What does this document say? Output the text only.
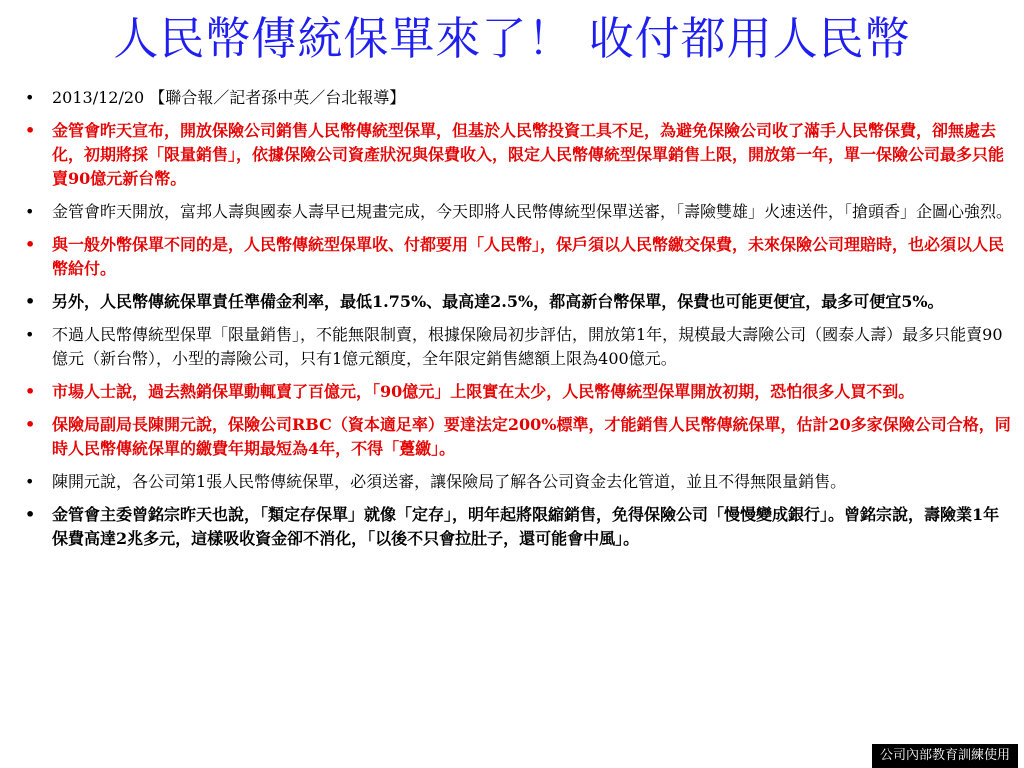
人民幣傳統保單來了！ 收付都用人民幣
• 2013/12/20 【聯合報／記者孫中英／台北報導】
• 金管會昨天宣布，開放保險公司銷售人民幣傳統型保單，但基於人民幣投資工具不足，為避免保險公司收了滿手人民幣保費，卻無處去化，初期將採「限量銷售」，依據保險公司資產狀況與保費收入，限定人民幣傳統型保單銷售上限，開放第一年，單一保險公司最多只能賣90億元新台幣。
• 金管會昨天開放，富邦人壽與國泰人壽早已規畫完成，今天即將人民幣傳統型保單送審，「壽險雙雄」火速送件，「搶頭香」企圖心強烈。
• 與一般外幣保單不同的是，人民幣傳統型保單收、付都要用「人民幣」，保戶須以人民幣繳交保費，未來保險公司理賠時，也必須以人民幣給付。
• 另外，人民幣傳統保單責任準備金利率，最低1.75%、最高達2.5%，都高新台幣保單，保費也可能更便宜，最多可便宜5%。
• 不過人民幣傳統型保單「限量銷售」，不能無限制賣，根據保險局初步評估，開放第1年，規模最大壽險公司（國泰人壽）最多只能賣90億元（新台幣），小型的壽險公司，只有1億元額度，全年限定銷售總額上限為400億元。
• 市場人士說，過去熱銷保單動輒賣了百億元，「90億元」上限實在太少，人民幣傳統型保單開放初期，恐怕很多人買不到。
• 保險局副局長陳開元說，保險公司RBC（資本適足率）要達法定200%標準，才能銷售人民幣傳統保單，估計20多家保險公司合格，同時人民幣傳統保單的繳費年期最短為4年，不得「躉繳」。
• 陳開元說，各公司第1張人民幣傳統保單，必須送審，讓保險局了解各公司資金去化管道，並且不得無限量銷售。
• 金管會主委曾銘宗昨天也說，「類定存保單」就像「定存」，明年起將限縮銷售，免得保險公司「慢慢變成銀行」。曾銘宗說，壽險業1年保費高達2兆多元，這樣吸收資金卻不消化，「以後不只會拉肚子，還可能會中風」。
公司內部教育訓練使用
